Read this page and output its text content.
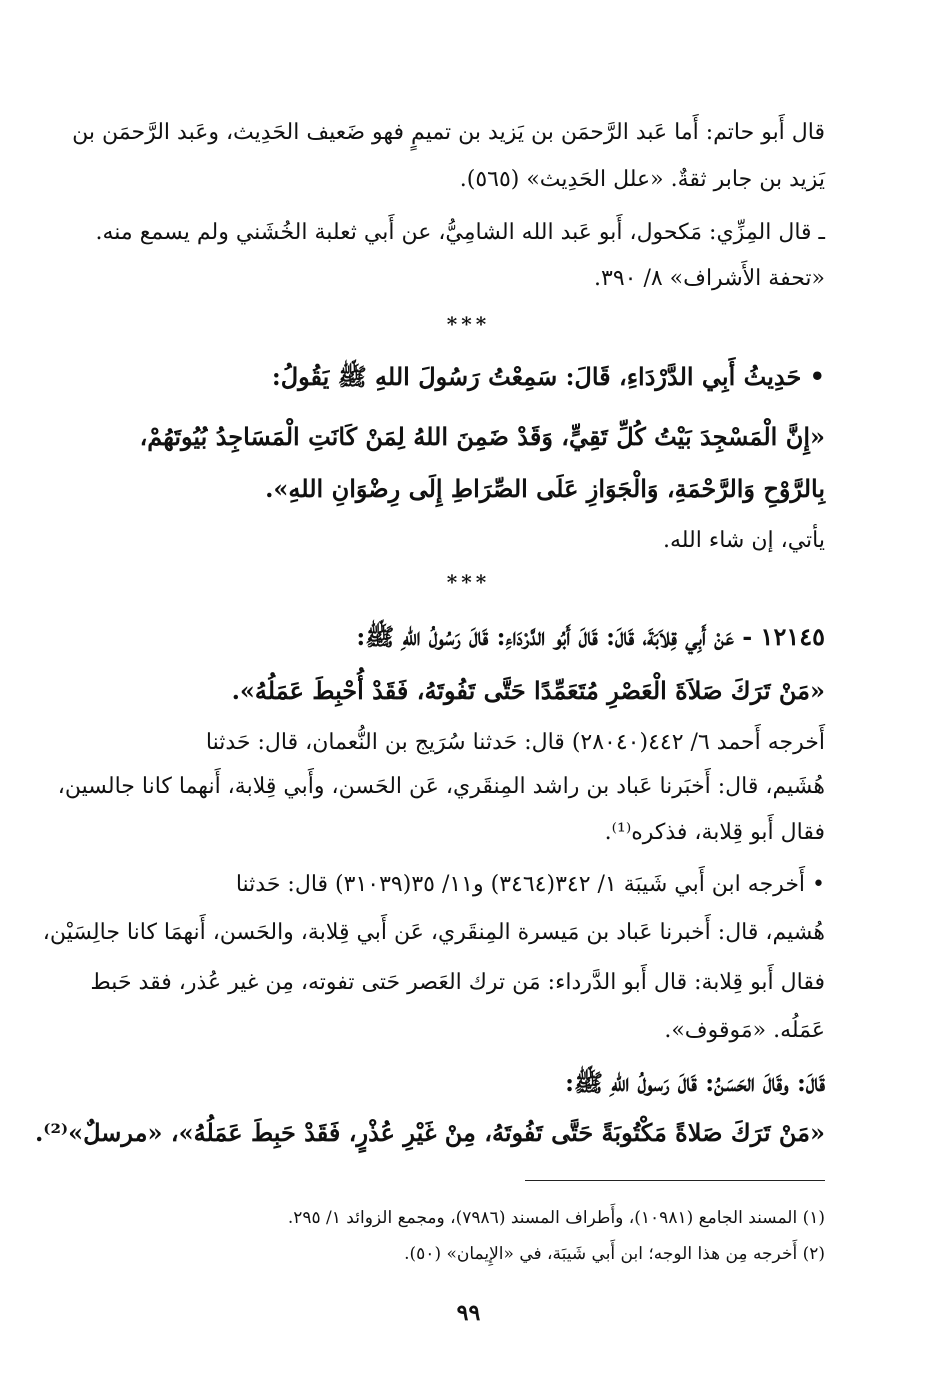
قال أَبو حاتم: أَما عَبد الرَّحمَن بن يَزيد بن تميمٍ فهو ضَعيف الحَدِيث، وعَبد الرَّحمَن بن
يَزيد بن جابر ثقةٌ. «علل الحَدِيث» (٥٦٥).
ـ قال المِزِّي: مَكحول، أَبو عَبد الله الشامِيُّ، عن أَبي ثعلبة الخُشَني ولم يسمع منه.
«تحفة الأَشراف» ٨/ ٣٩٠.
***
• حَدِيثُ أَبِي الدَّرْدَاءِ، قَالَ: سَمِعْتُ رَسُولَ اللهِ ﷺ يَقُولُ:
«إِنَّ الْمَسْجِدَ بَيْتُ كُلِّ تَقِيٍّ، وَقَدْ ضَمِنَ اللهُ لِمَنْ كَانَتِ الْمَسَاجِدُ بُيُوتَهُمْ،
بِالرَّوْحِ وَالرَّحْمَةِ، وَالْجَوَازِ عَلَى الصِّرَاطِ إِلَى رِضْوَانِ اللهِ».
يأتي، إن شاء الله.
***
١٢١٤٥ - عَنْ أَبِي قِلاَبَةَ، قَالَ: قَالَ أَبُو الدَّرْدَاءِ: قَالَ رَسُولُ اللهِ ﷺ:
«مَنْ تَرَكَ صَلاَةَ الْعَصْرِ مُتَعَمِّدًا حَتَّى تَفُوتَهُ، فَقَدْ أُحْبِطَ عَمَلُهُ».
أَخرجه أَحمد ٦/ ٤٤٢(٢٨٠٤٠) قال: حَدثنا سُرَيج بن النُّعمان، قال: حَدثنا
هُشَيم، قال: أَخبَرنا عَباد بن راشد المِنقَري، عَن الحَسن، وأَبي قِلابة، أَنهما كانا جالسين،
فقال أَبو قِلابة، فذكره⁽¹⁾.
• أَخرجه ابن أَبي شَيبَة ١/ ٣٤٢(٣٤٦٤) و١١/ ٣٥(٣١٠٣٩) قال: حَدثنا
هُشيم، قال: أَخبرنا عَباد بن مَيسرة المِنقَري، عَن أَبي قِلابة، والحَسن، أَنهمَا كانا جالِسَيْن،
فقال أَبو قِلابة: قال أَبو الدَّرداء: مَن ترك العَصر حَتى تفوته، مِن غير عُذر، فقد حَبط
عَمَلُه. «مَوقوف».
قَالَ: وقَالَ الحَسَنُ: قَالَ رَسولُ اللهِ ﷺ:
«مَنْ تَرَكَ صَلاةً مَكْتُوبَةً حَتَّى تَفُوتَهُ، مِنْ غَيْرِ عُذْرٍ، فَقَدْ حَبِطَ عَمَلُهُ»، «مرسلٌ»⁽²⁾.
(١) المسند الجامع (١٠٩٨١)، وأَطراف المسند (٧٩٨٦)، ومجمع الزوائد ١/ ٢٩٥.
(٢) أَخرجه مِن هذا الوجه؛ ابن أَبي شَيبَة، في «الإِيمان» (٥٠).
٩٩
